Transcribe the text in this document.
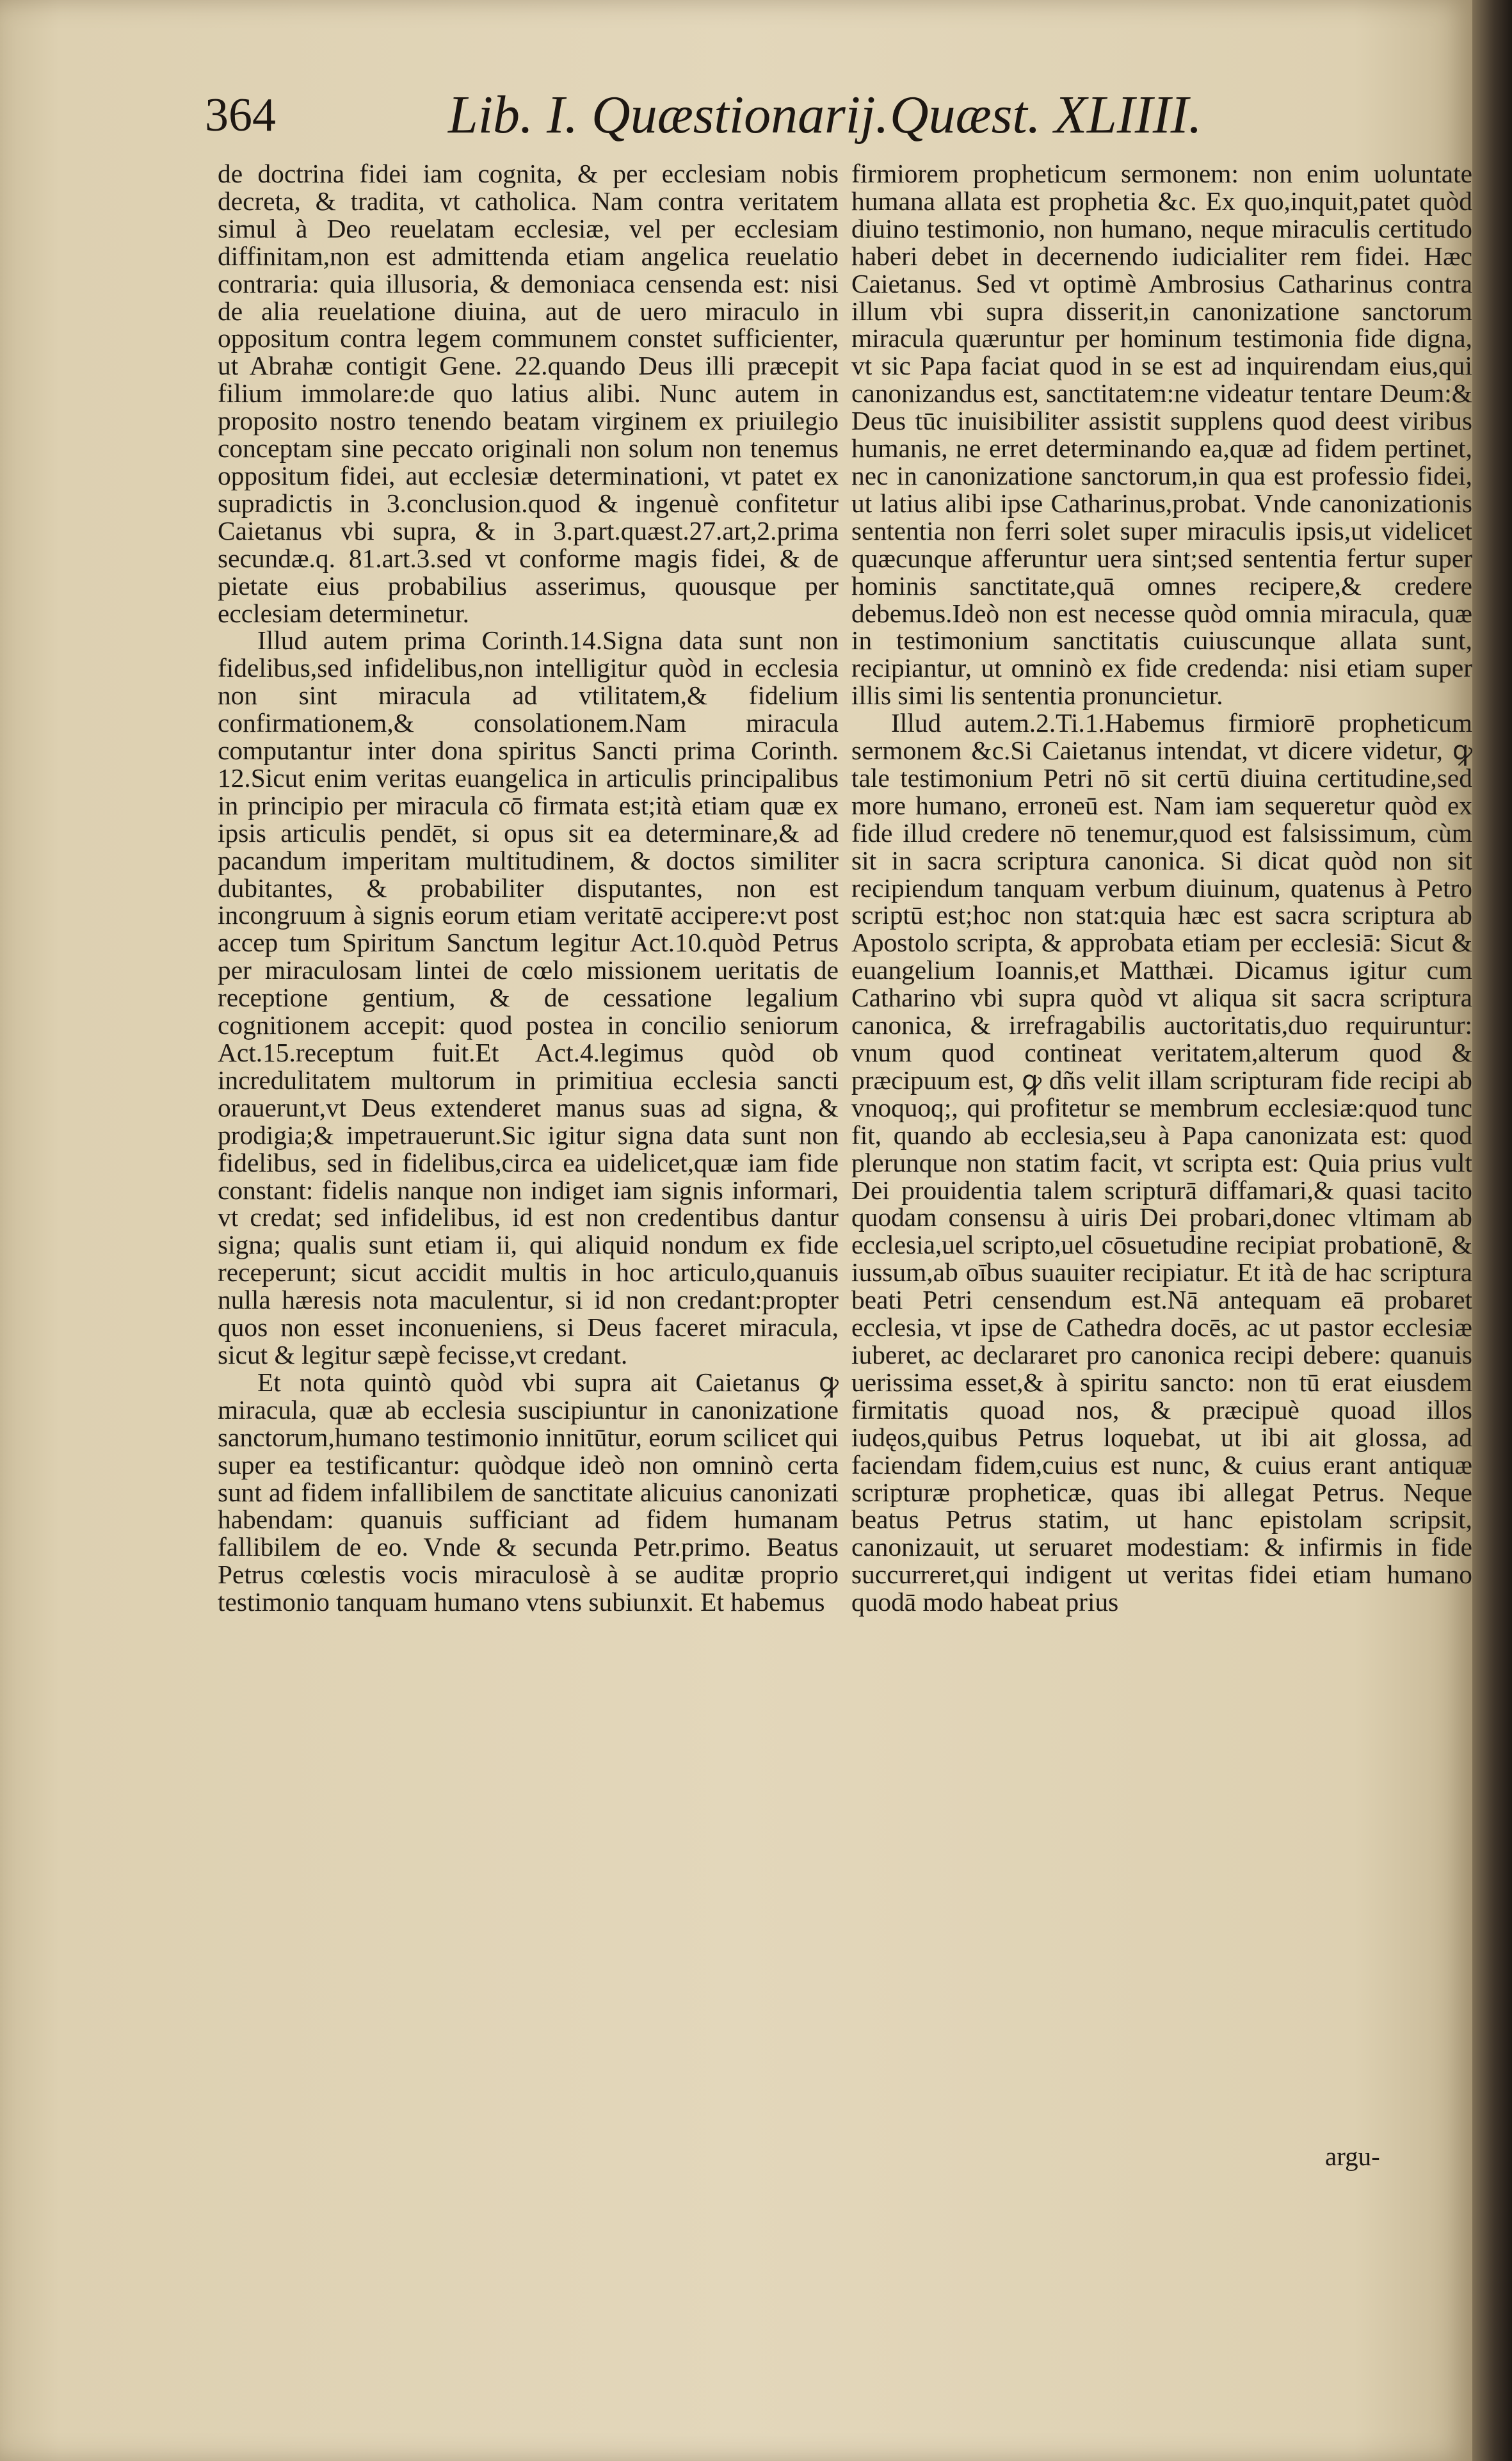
364	Lib. I. Quæstionarij. Quæst. XLIIII.

de doctrina fidei iam cognita, & per ecclesiam nobis decreta, & tradita, vt catholica. Nam contra veritatem simul à Deo reuelatam ecclesiæ, vel per ecclesiam diffinitam,non est admittenda etiam angelica reuelatio contraria: quia illusoria, & demoniaca censenda est: nisi de alia reuelatione diuina, aut de uero miraculo in oppositum contra legem communem constet sufficienter, ut Abrahæ contigit Gene. 22.quando Deus illi præcepit filium immolare:de quo latius alibi. Nunc autem in proposito nostro tenendo beatam virginem ex priuilegio conceptam sine peccato originali non solum non tenemus oppositum fidei, aut ecclesiæ determinationi, vt patet ex supradictis in 3.conclusion.quod & ingenuè confitetur Caietanus vbi supra, & in 3.part.quæst.27.art,2.prima secundæ.q. 81.art.3.sed vt conforme magis fidei, & de pietate eius probabilius asserimus, quousque per ecclesiam determinetur.

Illud autem prima Corinth.14.Signa data sunt non fidelibus,sed infidelibus,non intelligitur quòd in ecclesia non sint miracula ad vtilitatem,& fidelium confirmationem,& consolationem.Nam miracula computantur inter dona spiritus Sancti prima Corinth. 12.Sicut enim veritas euangelica in articulis principalibus in principio per miracula cō firmata est;ità etiam quæ ex ipsis articulis pendēt, si opus sit ea determinare,& ad pacandum imperitam multitudinem, & doctos similiter dubitantes, & probabiliter disputantes, non est incongruum à signis eorum etiam veritatē accipere:vt post accep tum Spiritum Sanctum legitur Act.10.quòd Petrus per miraculosam lintei de cœlo missionem ueritatis de receptione gentium, & de cessatione legalium cognitionem accepit: quod postea in concilio seniorum Act.15.receptum fuit.Et Act.4.legimus quòd ob incredulitatem multorum in primitiua ecclesia sancti orauerunt,vt Deus extenderet manus suas ad signa, & prodigia;& impetrauerunt.Sic igitur signa data sunt non fidelibus, sed in fidelibus,circa ea uidelicet,quæ iam fide constant: fidelis nanque non indiget iam signis informari, vt credat; sed infidelibus, id est non credentibus dantur signa; qualis sunt etiam ii, qui aliquid nondum ex fide receperunt; sicut accidit multis in hoc articulo,quanuis nulla hæresis nota maculentur, si id non credant:propter quos non esset inconueniens, si Deus faceret miracula, sicut & legitur sæpè fecisse,vt credant.

Et nota quintò quòd vbi supra ait Caietanus ꝙ miracula, quæ ab ecclesia suscipiuntur in canonizatione sanctorum,humano testimonio innitūtur, eorum scilicet qui super ea testificantur: quòdque ideò non omninò certa sunt ad fidem infallibilem de sanctitate alicuius canonizati habendam: quanuis sufficiant ad fidem humanam fallibilem de eo. Vnde & secunda Petr.primo. Beatus Petrus cœlestis vocis miraculosè à se auditæ proprio testimonio tanquam humano vtens subiunxit. Et habemus

firmiorem propheticum sermonem: non enim uoluntate humana allata est prophetia &c. Ex quo,inquit,patet quòd diuino testimonio, non humano, neque miraculis certitudo haberi debet in decernendo iudicialiter rem fidei. Hæc Caietanus. Sed vt optimè Ambrosius Catharinus contra illum vbi supra disserit,in canonizatione sanctorum miracula quæruntur per hominum testimonia fide digna, vt sic Papa faciat quod in se est ad inquirendam eius,qui canonizandus est, sanctitatem:ne videatur tentare Deum:& Deus tūc inuisibiliter assistit supplens quod deest viribus humanis, ne erret determinando ea,quæ ad fidem pertinet, nec in canonizatione sanctorum,in qua est professio fidei, ut latius alibi ipse Catharinus,probat. Vnde canonizationis sententia non ferri solet super miraculis ipsis,ut videlicet quæcunque afferuntur uera sint;sed sententia fertur super hominis sanctitate,quā omnes recipere,& credere debemus.Ideò non est necesse quòd omnia miracula, quæ in testimonium sanctitatis cuiuscunque allata sunt, recipiantur, ut omninò ex fide credenda: nisi etiam super illis simi lis sententia pronuncietur.

Illud autem.2.Ti.1.Habemus firmiorē propheticum sermonem &c.Si Caietanus intendat, vt dicere videtur, ꝙ tale testimonium Petri nō sit certū diuina certitudine,sed more humano, erroneū est. Nam iam sequeretur quòd ex fide illud credere nō tenemur,quod est falsissimum, cùm sit in sacra scriptura canonica. Si dicat quòd non sit recipiendum tanquam verbum diuinum, quatenus à Petro scriptū est;hoc non stat:quia hæc est sacra scriptura ab Apostolo scripta, & approbata etiam per ecclesiā: Sicut & euangelium Ioannis,et Matthæi. Dicamus igitur cum Catharino vbi supra quòd vt aliqua sit sacra scriptura canonica, & irrefragabilis auctoritatis,duo requiruntur: vnum quod contineat veritatem,alterum quod & præcipuum est, ꝙ dñs velit illam scripturam fide recipi ab vnoquoq;, qui profitetur se membrum ecclesiæ:quod tunc fit, quando ab ecclesia,seu à Papa canonizata est: quod plerunque non statim facit, vt scripta est: Quia prius vult Dei prouidentia talem scripturā diffamari,& quasi tacito quodam consensu à uiris Dei probari,donec vltimam ab ecclesia,uel scripto,uel cōsuetudine recipiat probationē, & iussum,ab oībus suauiter recipiatur. Et ità de hac scriptura beati Petri censendum est.Nā antequam eā probaret ecclesia, vt ipse de Cathedra docēs, ac ut pastor ecclesiæ iuberet, ac declararet pro canonica recipi debere: quanuis uerissima esset,& à spiritu sancto: non tū erat eiusdem firmitatis quoad nos, & præcipuè quoad illos iudęos,quibus Petrus loquebat, ut ibi ait glossa, ad faciendam fidem,cuius est nunc, & cuius erant antiquæ scripturæ propheticæ, quas ibi allegat Petrus. Neque beatus Petrus statim, ut hanc epistolam scripsit, canonizauit, ut seruaret modestiam: & infirmis in fide succurreret,qui indigent ut veritas fidei etiam humano quodā modo habeat prius

argu-
